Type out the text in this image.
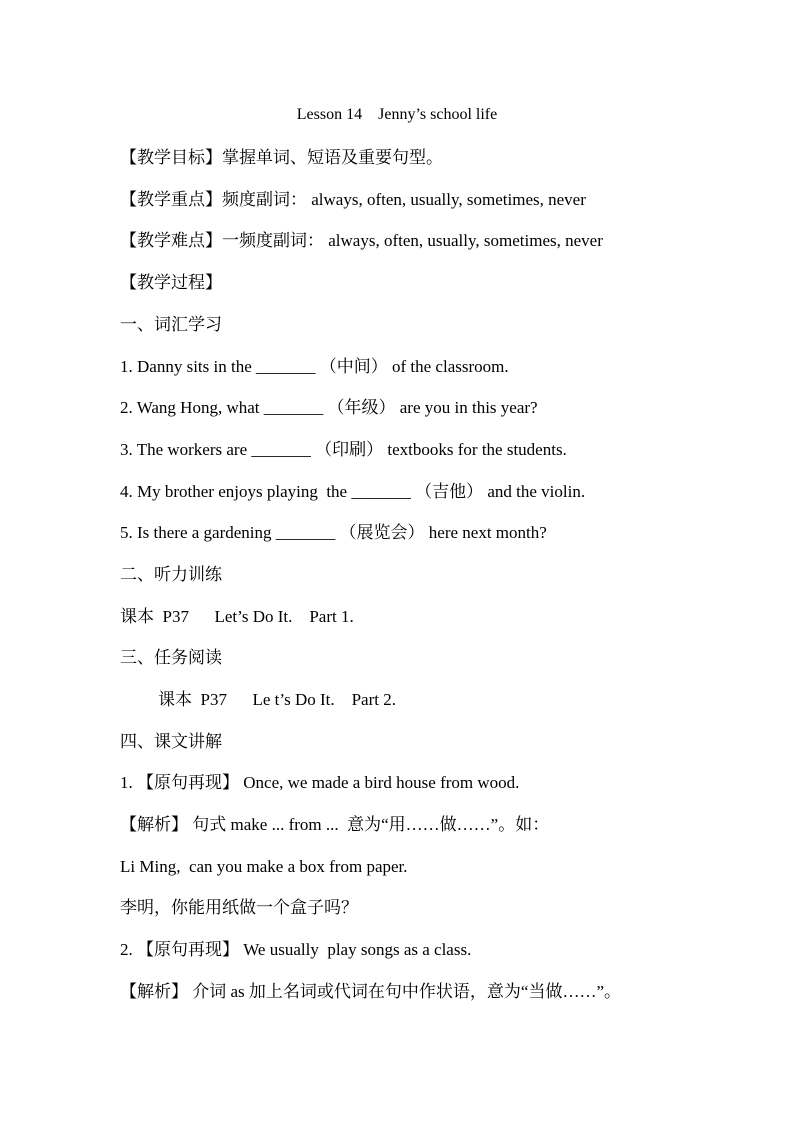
Lesson 14    Jenny’s school life
【教学目标】掌握单词、短语及重要句型。
【教学重点】频度副词： always, often, usually, sometimes, never
【教学难点】一频度副词： always, often, usually, sometimes, never
【教学过程】
一、词汇学习
1. Danny sits in the _______ （中间） of the classroom.
2. Wang Hong, what _______ （年级） are you in this year?
3. The workers are _______ （印刷） textbooks for the students.
4. My brother enjoys playing  the _______ （吉他） and the violin.
5. Is there a gardening _______ （展览会） here next month?
二、听力训练
课本  P37      Let’s Do It.    Part 1.
三、任务阅读
课本  P37      Le t’s Do It.    Part 2.
四、课文讲解
1. 【原句再现】 Once, we made a bird house from wood.
【解析】 句式 make ... from ...  意为“用……做……”。如：
Li Ming,  can you make a box from paper.
李明，你能用纸做一个盒子吗？
2. 【原句再现】 We usually  play songs as a class.
【解析】 介词 as 加上名词或代词在句中作状语，意为“当做……”。
